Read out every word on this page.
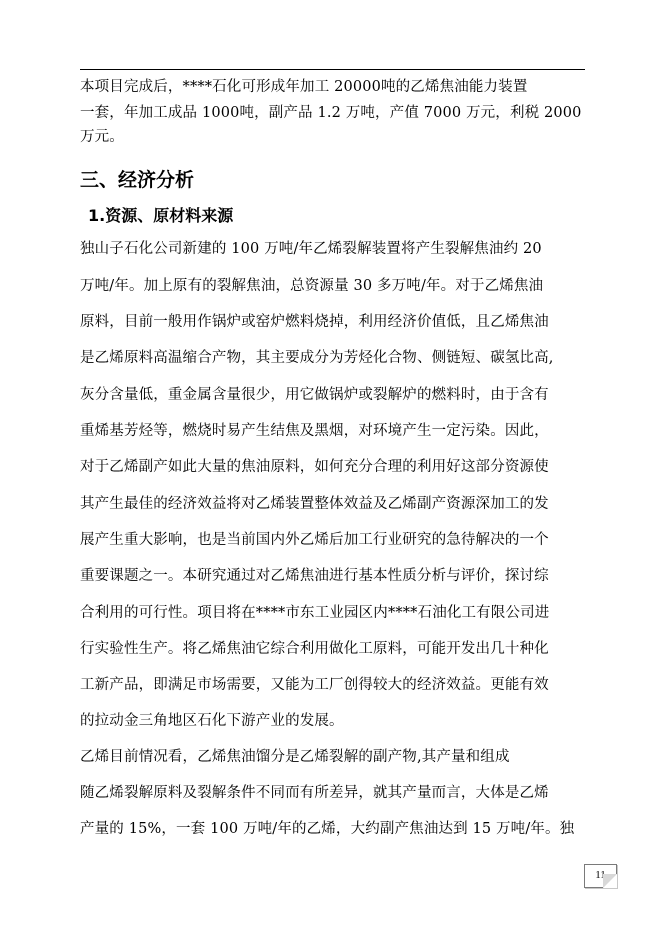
本项目完成后，****石化可形成年加工 20000吨的乙烯焦油能力装置
一套，年加工成品 1000吨，副产品 1.2 万吨，产值 7000 万元，利税 2000
万元。
三、经济分析
1.资源、原材料来源
独山子石化公司新建的 100 万吨/年乙烯裂解装置将产生裂解焦油约 20
万吨/年。加上原有的裂解焦油，总资源量 30 多万吨/年。对于乙烯焦油
原料，目前一般用作锅炉或窑炉燃料烧掉，利用经济价值低，且乙烯焦油
是乙烯原料高温缩合产物，其主要成分为芳烃化合物、侧链短、碳氢比高,
灰分含量低，重金属含量很少，用它做锅炉或裂解炉的燃料时，由于含有
重烯基芳烃等，燃烧时易产生结焦及黑烟，对环境产生一定污染。因此，
对于乙烯副产如此大量的焦油原料，如何充分合理的利用好这部分资源使
其产生最佳的经济效益将对乙烯装置整体效益及乙烯副产资源深加工的发
展产生重大影响，也是当前国内外乙烯后加工行业研究的急待解决的一个
重要课题之一。本研究通过对乙烯焦油进行基本性质分析与评价，探讨综
合利用的可行性。项目将在****市东工业园区内****石油化工有限公司进
行实验性生产。将乙烯焦油它综合利用做化工原料，可能开发出几十种化
工新产品，即满足市场需要，又能为工厂创得较大的经济效益。更能有效
的拉动金三角地区石化下游产业的发展。
乙烯目前情况看，乙烯焦油馏分是乙烯裂解的副产物,其产量和组成
随乙烯裂解原料及裂解条件不同而有所差异，就其产量而言，大体是乙烯
产量的 15%，一套 100 万吨/年的乙烯，大约副产焦油达到 15 万吨/年。独
11
